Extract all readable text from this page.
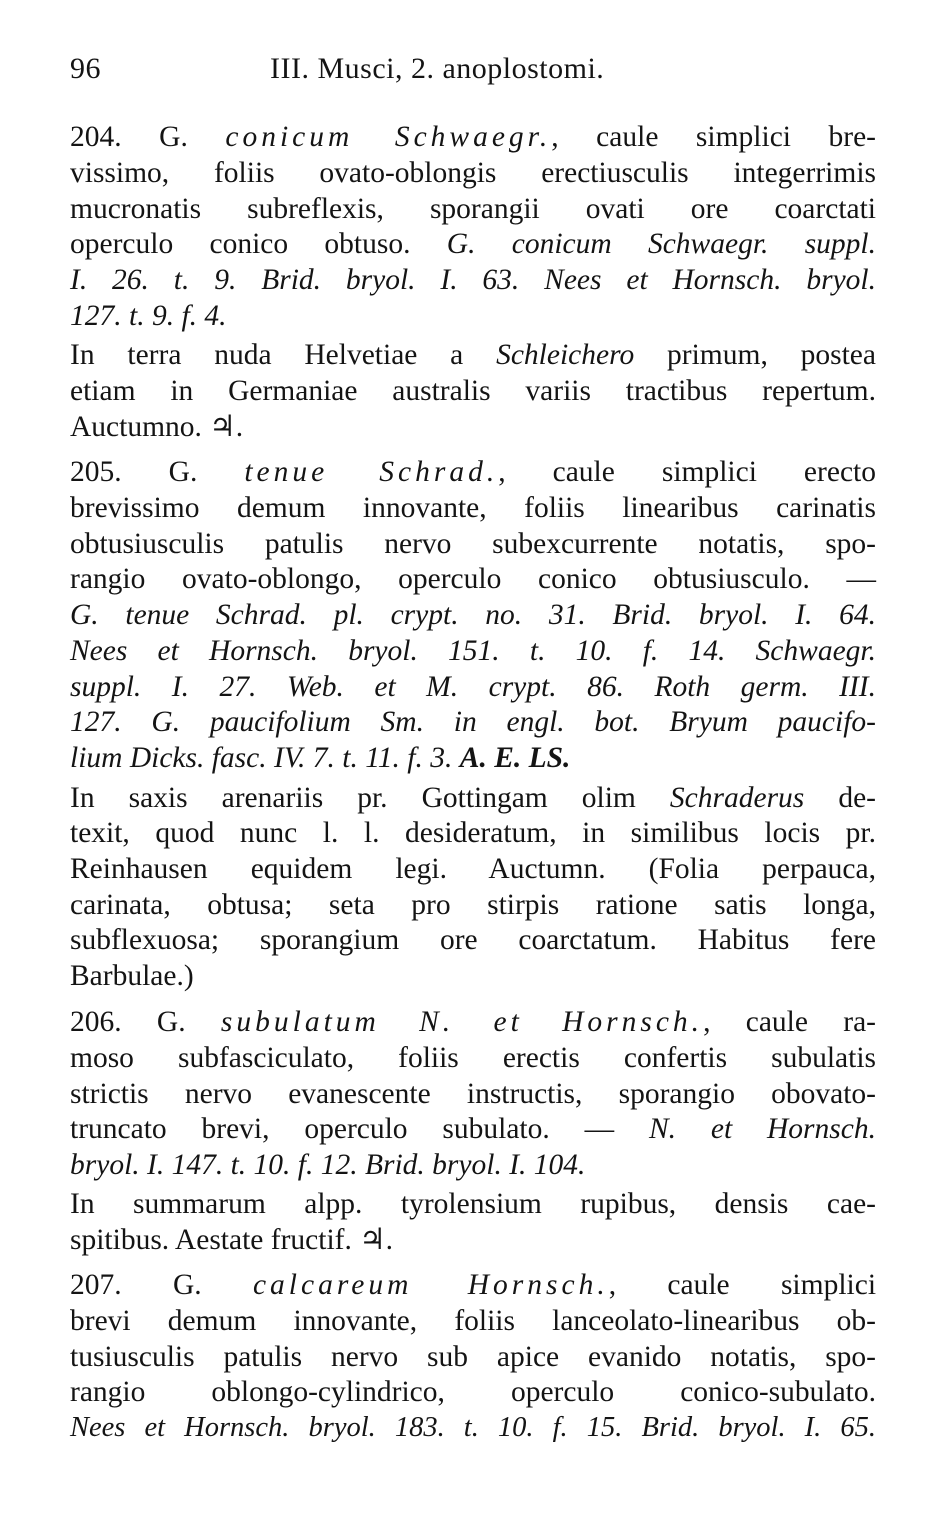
96	III. Musci, 2. anoplostomi.
204. G. conicum Schwaegr., caule simplici bre-
vissimo, foliis ovato-oblongis erectiusculis integerrimis
mucronatis subreflexis, sporangii ovati ore coarctati
operculo conico obtuso. G. conicum Schwaegr. suppl.
I. 26. t. 9. Brid. bryol. I. 63. Nees et Hornsch. bryol.
127. t. 9. f. 4.
In terra nuda Helvetiae a Schleichero primum, postea
etiam in Germaniae australis variis tractibus repertum.
Auctumno. ♃.
205. G. tenue Schrad., caule simplici erecto
brevissimo demum innovante, foliis linearibus carinatis
obtusiusculis patulis nervo subexcurrente notatis, spo-
rangio ovato-oblongo, operculo conico obtusiusculo. —
G. tenue Schrad. pl. crypt. no. 31. Brid. bryol. I. 64.
Nees et Hornsch. bryol. 151. t. 10. f. 14. Schwaegr.
suppl. I. 27. Web. et M. crypt. 86. Roth germ. III.
127. G. paucifolium Sm. in engl. bot. Bryum paucifo-
lium Dicks. fasc. IV. 7. t. 11. f. 3. A. E. LS.
In saxis arenariis pr. Gottingam olim Schraderus de-
texit, quod nunc l. l. desideratum, in similibus locis pr.
Reinhausen equidem legi. Auctumn. (Folia perpauca,
carinata, obtusa; seta pro stirpis ratione satis longa,
subflexuosa; sporangium ore coarctatum. Habitus fere
Barbulae.)
206. G. subulatum N. et Hornsch., caule ra-
moso subfasciculato, foliis erectis confertis subulatis
strictis nervo evanescente instructis, sporangio obovato-
truncato brevi, operculo subulato. — N. et Hornsch.
bryol. I. 147. t. 10. f. 12. Brid. bryol. I. 104.
In summarum alpp. tyrolensium rupibus, densis cae-
spitibus. Aestate fructif. ♃.
207. G. calcareum Hornsch., caule simplici
brevi demum innovante, foliis lanceolato-linearibus ob-
tusiusculis patulis nervo sub apice evanido notatis, spo-
rangio oblongo-cylindrico, operculo conico-subulato.
Nees et Hornsch. bryol. 183. t. 10. f. 15. Brid. bryol. I. 65.
